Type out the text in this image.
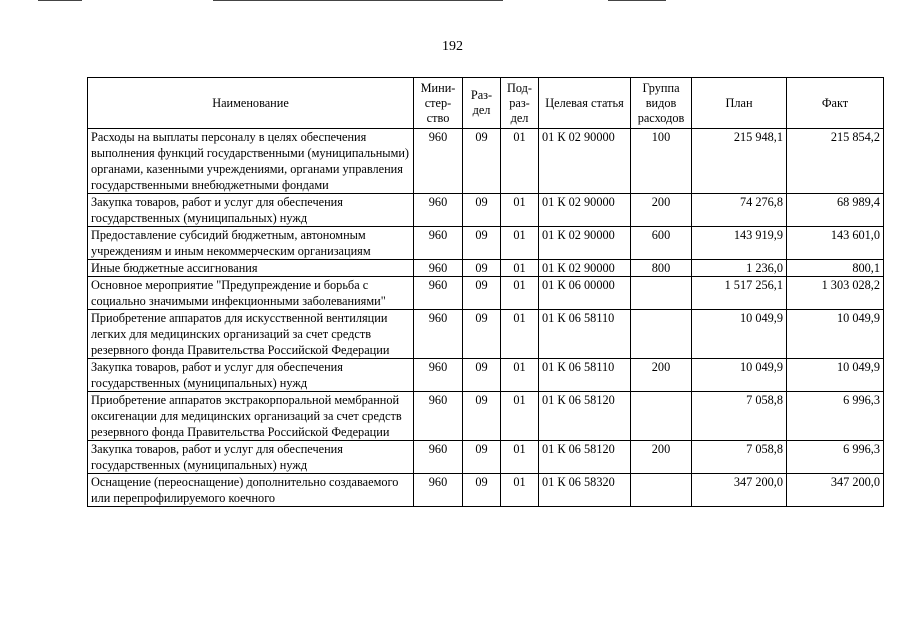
192
Наименование	Мини- стер- ство	Раз- дел	Под- раз- дел	Целевая статья	Группа видов расходов	План	Факт
Расходы на выплаты персоналу в целях обеспечения выполнения функций государственными (муниципальными) органами, казенными учреждениями, органами управления государственными внебюджетными фондами	960	09	01	01 К 02 90000	100	215 948,1	215 854,2
Закупка товаров, работ и услуг для обеспечения государственных (муниципальных) нужд	960	09	01	01 К 02 90000	200	74 276,8	68 989,4
Предоставление субсидий бюджетным, автономным учреждениям и иным некоммерческим организациям	960	09	01	01 К 02 90000	600	143 919,9	143 601,0
Иные бюджетные ассигнования	960	09	01	01 К 02 90000	800	1 236,0	800,1
Основное мероприятие "Предупреждение и борьба с социально значимыми инфекционными заболеваниями"	960	09	01	01 К 06 00000		1 517 256,1	1 303 028,2
Приобретение аппаратов для искусственной вентиляции легких для медицинских организаций за счет средств резервного фонда Правительства Российской Федерации	960	09	01	01 К 06 58110		10 049,9	10 049,9
Закупка товаров, работ и услуг для обеспечения государственных (муниципальных) нужд	960	09	01	01 К 06 58110	200	10 049,9	10 049,9
Приобретение аппаратов экстракорпоральной мембранной оксигенации для медицинских организаций за счет средств резервного фонда Правительства Российской Федерации	960	09	01	01 К 06 58120		7 058,8	6 996,3
Закупка товаров, работ и услуг для обеспечения государственных (муниципальных) нужд	960	09	01	01 К 06 58120	200	7 058,8	6 996,3
Оснащение (переоснащение) дополнительно создаваемого или перепрофилируемого коечного	960	09	01	01 К 06 58320		347 200,0	347 200,0
